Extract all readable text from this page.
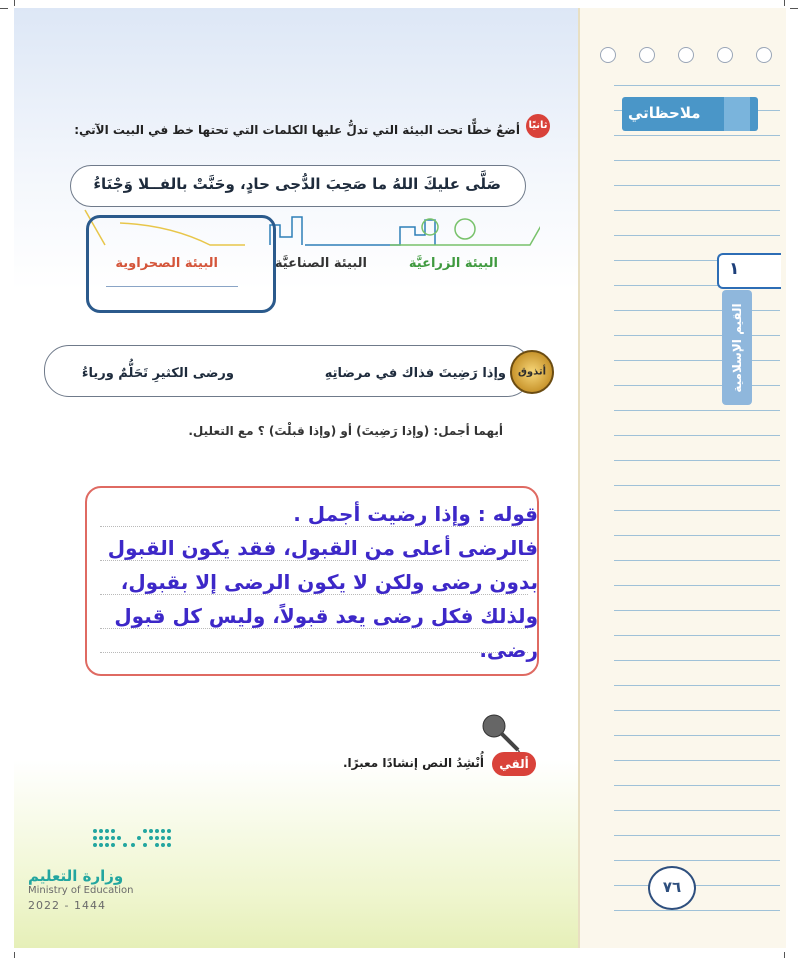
ملاحظاتي
١
القيم الإسلامية
٧٦
ثانيًا
أضعُ خطًّا تحت البيئة التي تدلُّ عليها الكلمات التي تحتها خط في البيت الآتي:
صَلَّى عليكَ اللهُ ما صَحِبَ الدُّجى حادٍ، وحَنَّتْ بالفــلا وَجْنَاءُ
البيئة الزراعيَّة
البيئة الصناعيَّة
البيئة الصحراوية
أتذوق
وإذا رَضِيتَ فذاك في مرضاتِهِ
ورضى الكثيرِ تَحَلُّمٌ ورياءُ
أيهما أجمل: (وإذا رَضِيتَ) أو (وإذا قبلْتَ) ؟ مع التعليل.
قوله : وإذا رضيت أجمل .
فالرضى أعلى من القبول، فقد يكون القبول
بدون رضى ولكن لا يكون الرضى إلا بقبول،
ولذلك فكل رضى يعد قبولاً، وليس كل قبول
رضى.
ألقي
أُنْشِدُ النص إنشادًا معبرًا.
وزارة التعليم
Ministry of Education
2022 - 1444
